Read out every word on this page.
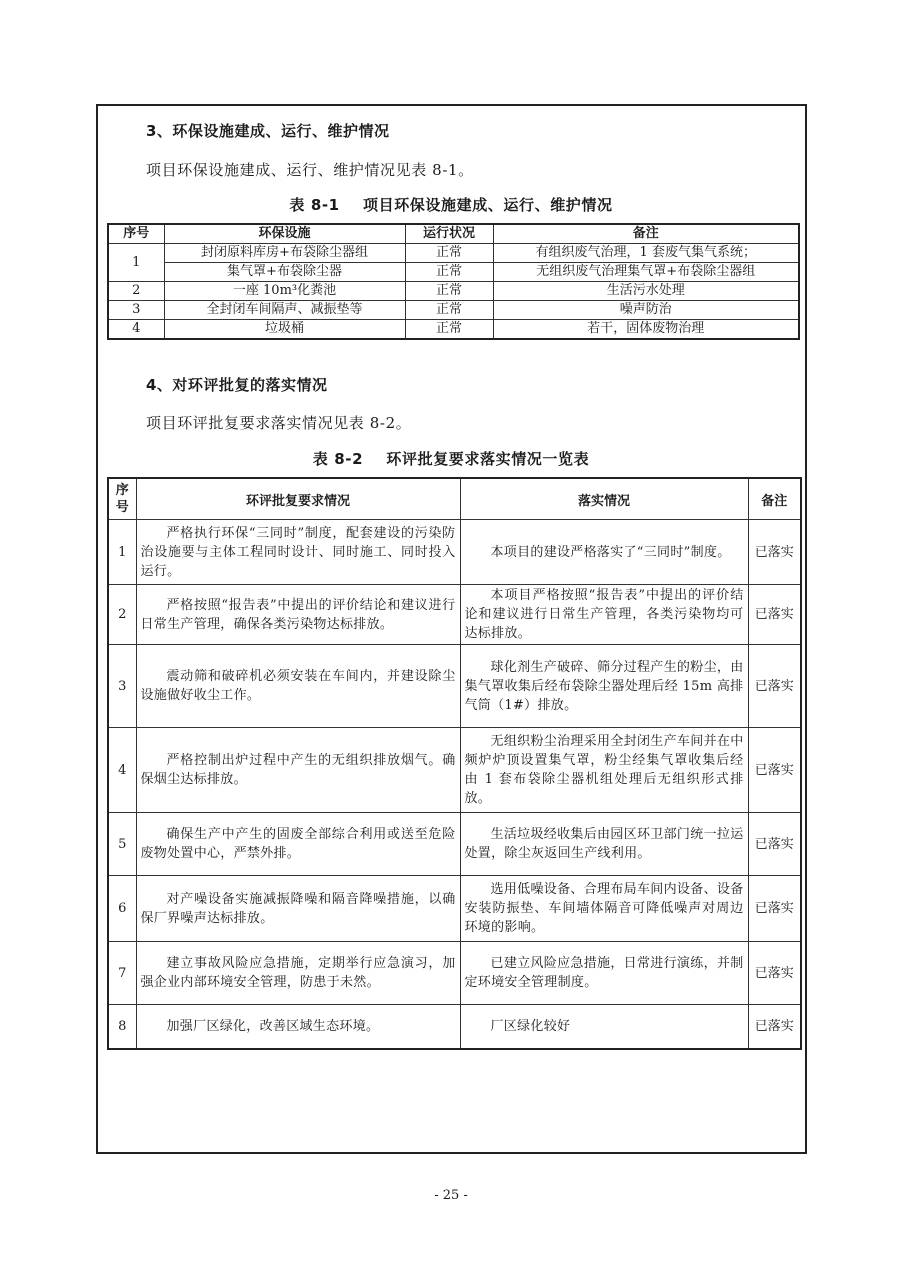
3、环保设施建成、运行、维护情况
项目环保设施建成、运行、维护情况见表 8-1。
表 8-1    项目环保设施建成、运行、维护情况
序号	环保设施	运行状况	备注
1	封闭原料库房+布袋除尘器组	正常	有组织废气治理，1 套废气集气系统；
	集气罩+布袋除尘器	正常	无组织废气治理集气罩+布袋除尘器组
2	一座 10m³化粪池	正常	生活污水处理
3	全封闭车间隔声、减振垫等	正常	噪声防治
4	垃圾桶	正常	若干，固体废物治理
4、对环评批复的落实情况
项目环评批复要求落实情况见表 8-2。
表 8-2    环评批复要求落实情况一览表
序号	环评批复要求情况	落实情况	备注
1	严格执行环保“三同时”制度，配套建设的污染防治设施要与主体工程同时设计、同时施工、同时投入运行。	本项目的建设严格落实了“三同时”制度。	已落实
2	严格按照“报告表”中提出的评价结论和建议进行日常生产管理，确保各类污染物达标排放。	本项目严格按照“报告表”中提出的评价结论和建议进行日常生产管理，各类污染物均可达标排放。	已落实
3	震动筛和破碎机必须安装在车间内，并建设除尘设施做好收尘工作。	球化剂生产破碎、筛分过程产生的粉尘，由集气罩收集后经布袋除尘器处理后经 15m 高排气筒（1#）排放。	已落实
4	严格控制出炉过程中产生的无组织排放烟气。确保烟尘达标排放。	无组织粉尘治理采用全封闭生产车间并在中频炉炉顶设置集气罩，粉尘经集气罩收集后经由 1 套布袋除尘器机组处理后无组织形式排放。	已落实
5	确保生产中产生的固废全部综合利用或送至危险废物处置中心，严禁外排。	生活垃圾经收集后由园区环卫部门统一拉运处置，除尘灰返回生产线利用。	已落实
6	对产噪设备实施减振降噪和隔音降噪措施，以确保厂界噪声达标排放。	选用低噪设备、合理布局车间内设备、设备安装防振垫、车间墙体隔音可降低噪声对周边环境的影响。	已落实
7	建立事故风险应急措施，定期举行应急演习，加强企业内部环境安全管理，防患于未然。	已建立风险应急措施，日常进行演练，并制定环境安全管理制度。	已落实
8	加强厂区绿化，改善区域生态环境。	厂区绿化较好	已落实
- 25 -
